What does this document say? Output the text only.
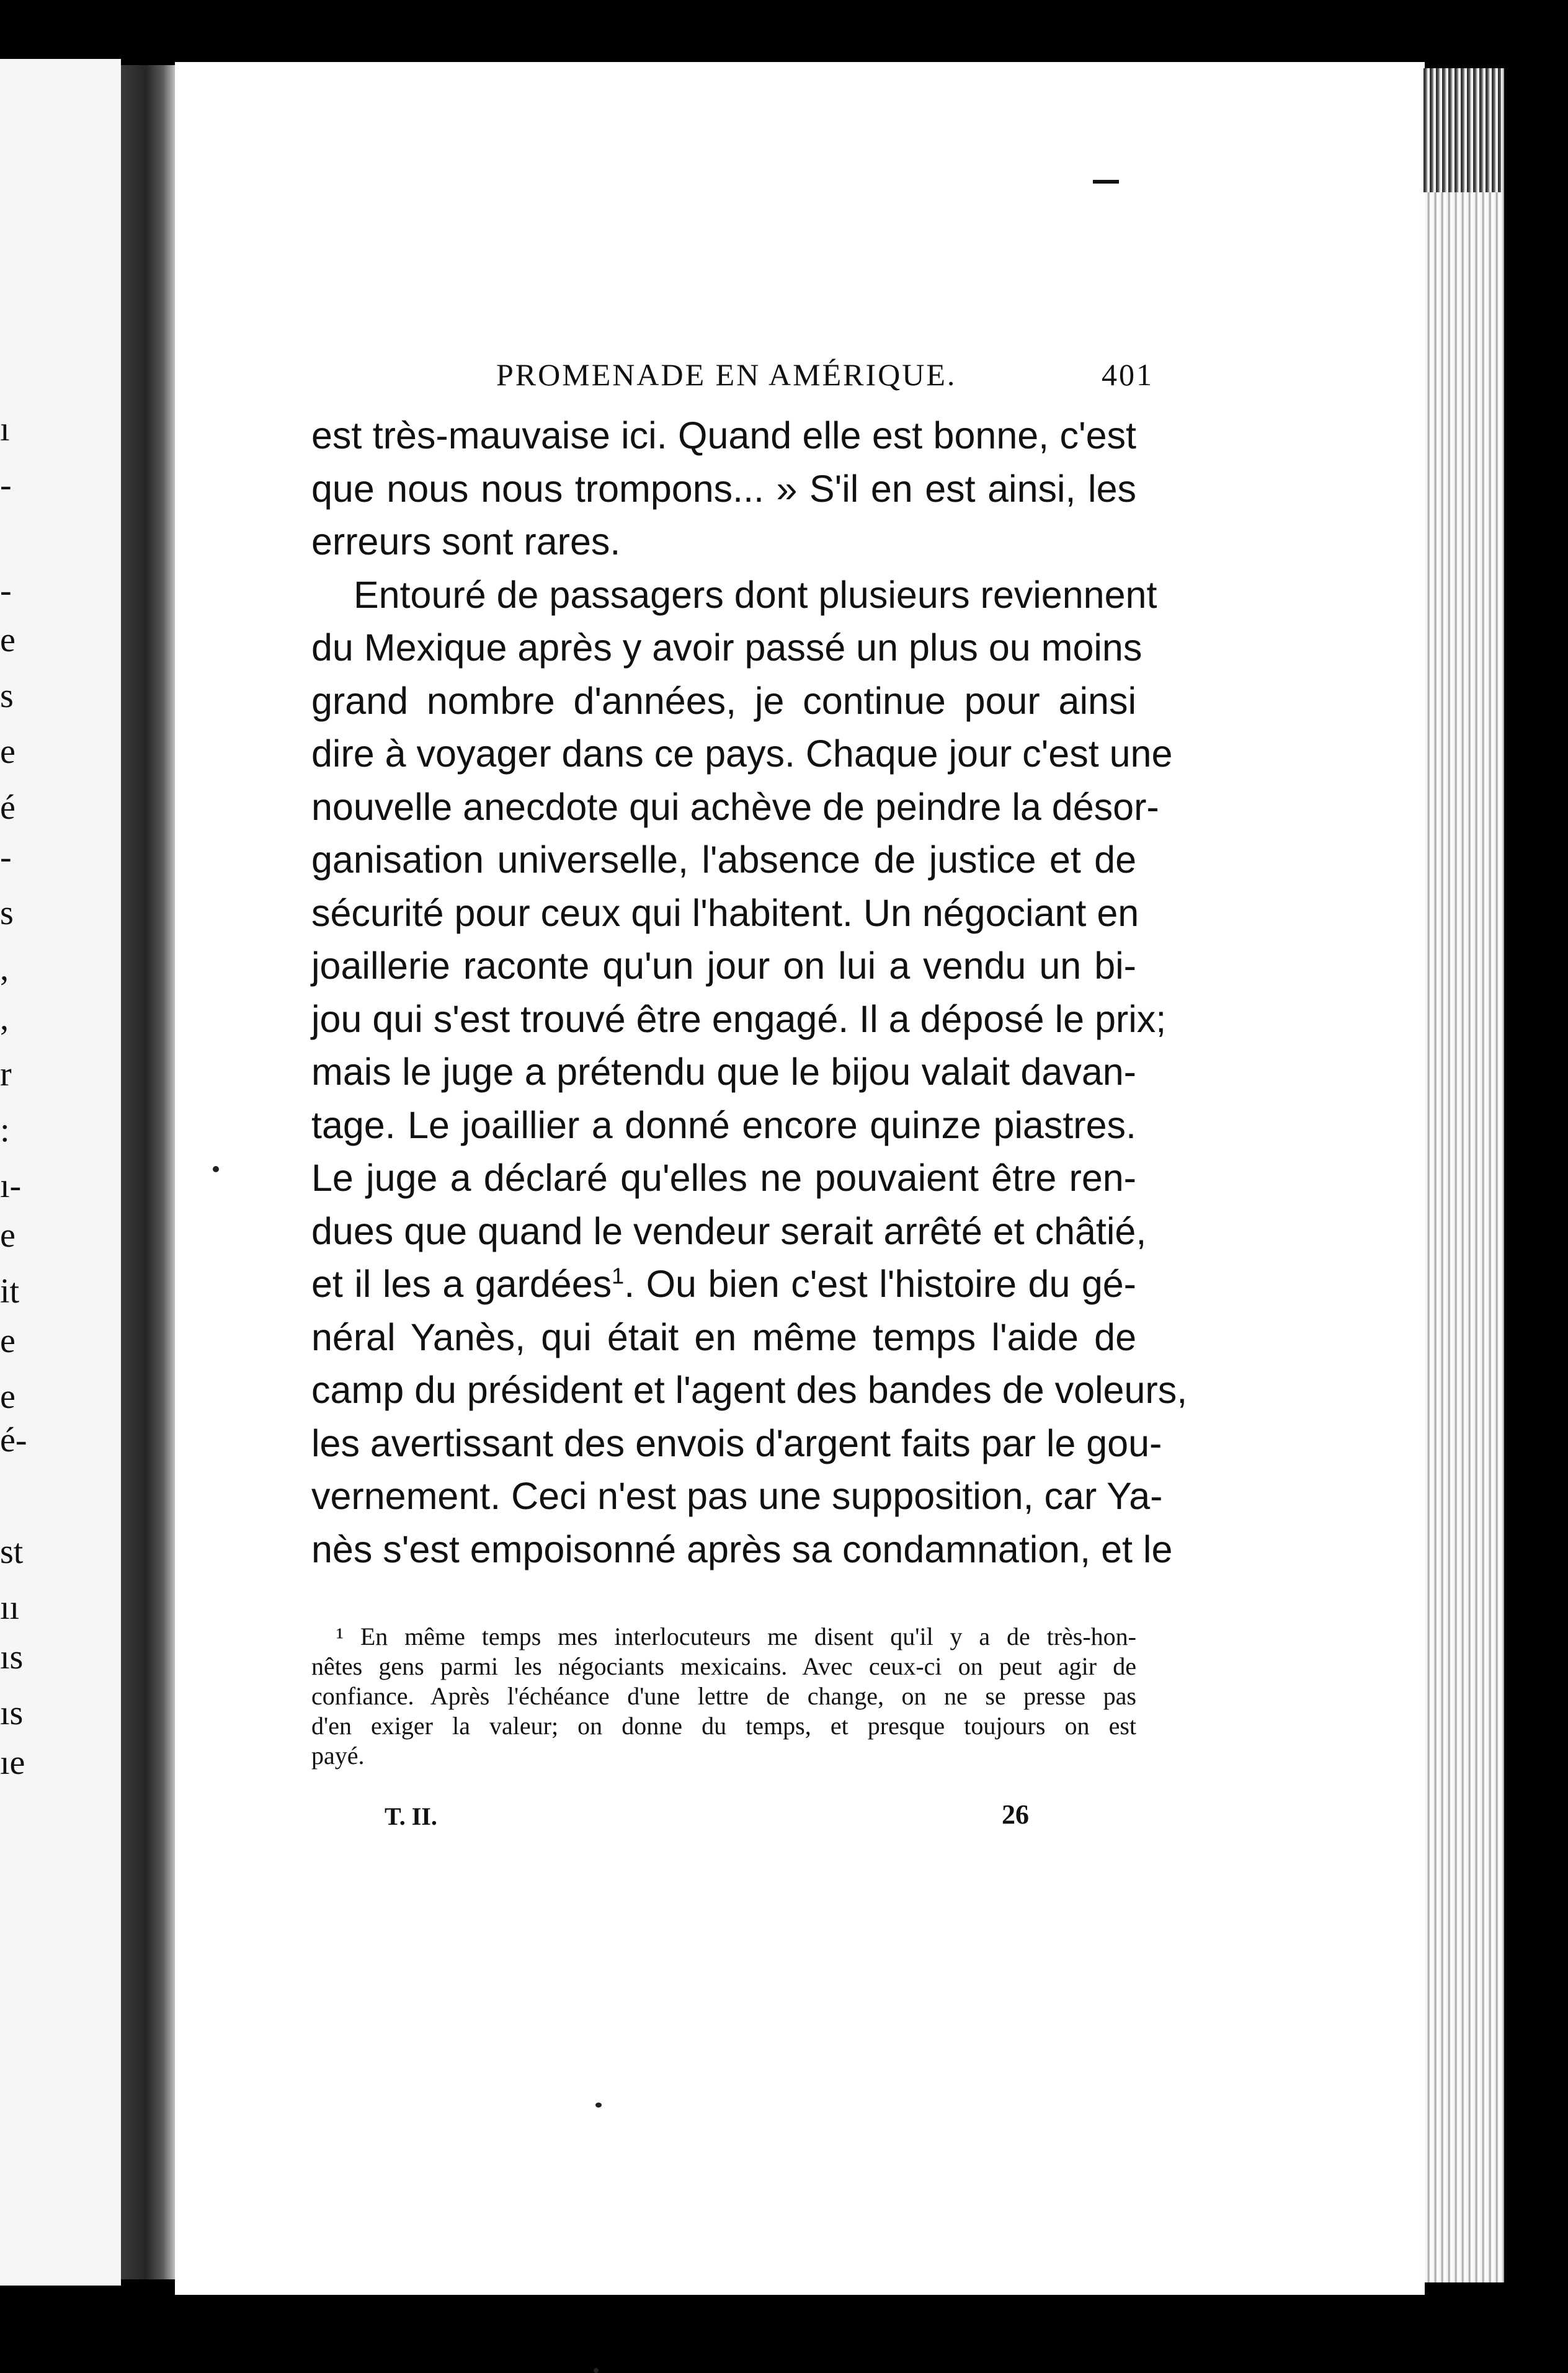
ı
-
-
e
s
e
é
-
s
,
,
r
:
ı-
e
it
e
e
é-
st
ıı
ıs
ıs
ıe
PROMENADE EN AMÉRIQUE.	401
est très-mauvaise ici. Quand elle est bonne, c'est
que nous nous trompons... » S'il en est ainsi, les
erreurs sont rares.
Entouré de passagers dont plusieurs reviennent
du Mexique après y avoir passé un plus ou moins
grand nombre d'années, je continue pour ainsi
dire à voyager dans ce pays. Chaque jour c'est une
nouvelle anecdote qui achève de peindre la désor-
ganisation universelle, l'absence de justice et de
sécurité pour ceux qui l'habitent. Un négociant en
joaillerie raconte qu'un jour on lui a vendu un bi-
jou qui s'est trouvé être engagé. Il a déposé le prix;
mais le juge a prétendu que le bijou valait davan-
tage. Le joaillier a donné encore quinze piastres.
Le juge a déclaré qu'elles ne pouvaient être ren-
dues que quand le vendeur serait arrêté et châtié,
et il les a gardées$^1$. Ou bien c'est l'histoire du gé-
néral Yanès, qui était en même temps l'aide de
camp du président et l'agent des bandes de voleurs,
les avertissant des envois d'argent faits par le gou-
vernement. Ceci n'est pas une supposition, car Ya-
nès s'est empoisonné après sa condamnation, et le
¹ En même temps mes interlocuteurs me disent qu'il y a de très-hon-
nêtes gens parmi les négociants mexicains. Avec ceux-ci on peut agir de
confiance. Après l'échéance d'une lettre de change, on ne se presse pas
d'en exiger la valeur; on donne du temps, et presque toujours on est
payé.
T. II.	26
